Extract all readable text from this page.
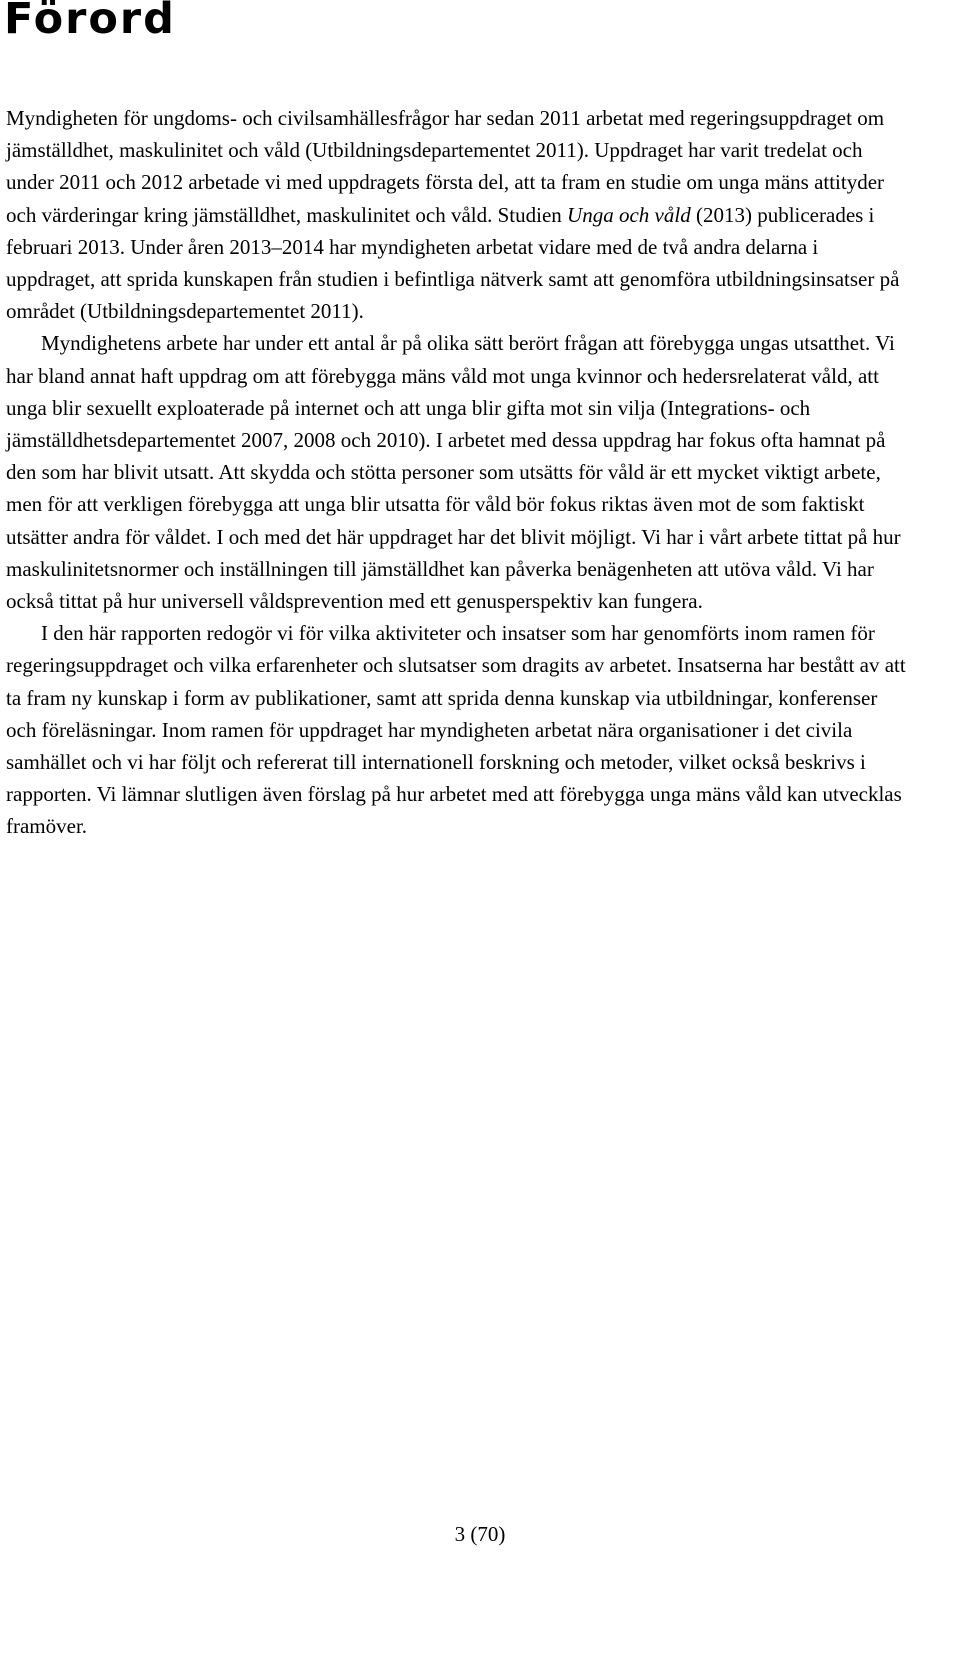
Förord

Myndigheten för ungdoms- och civilsamhällesfrågor har sedan 2011 arbetat med regeringsuppdraget om jämställdhet, maskulinitet och våld (Utbildningsdepartementet 2011). Uppdraget har varit tredelat och under 2011 och 2012 arbetade vi med uppdragets första del, att ta fram en studie om unga mäns attityder och värderingar kring jämställdhet, maskulinitet och våld. Studien Unga och våld (2013) publicerades i februari 2013. Under åren 2013–2014 har myndigheten arbetat vidare med de två andra delarna i uppdraget, att sprida kunskapen från studien i befintliga nätverk samt att genomföra utbildningsinsatser på området (Utbildningsdepartementet 2011).

Myndighetens arbete har under ett antal år på olika sätt berört frågan att förebygga ungas utsatthet. Vi har bland annat haft uppdrag om att förebygga mäns våld mot unga kvinnor och hedersrelaterat våld, att unga blir sexuellt exploaterade på internet och att unga blir gifta mot sin vilja (Integrations- och jämställdhetsdepartementet 2007, 2008 och 2010). I arbetet med dessa uppdrag har fokus ofta hamnat på den som har blivit utsatt. Att skydda och stötta personer som utsätts för våld är ett mycket viktigt arbete, men för att verkligen förebygga att unga blir utsatta för våld bör fokus riktas även mot de som faktiskt utsätter andra för våldet. I och med det här uppdraget har det blivit möjligt. Vi har i vårt arbete tittat på hur maskulinitetsnormer och inställningen till jämställdhet kan påverka benägenheten att utöva våld. Vi har också tittat på hur universell våldsprevention med ett genusperspektiv kan fungera.

I den här rapporten redogör vi för vilka aktiviteter och insatser som har genomförts inom ramen för regeringsuppdraget och vilka erfarenheter och slutsatser som dragits av arbetet. Insatserna har bestått av att ta fram ny kunskap i form av publikationer, samt att sprida denna kunskap via utbildningar, konferenser och föreläsningar. Inom ramen för uppdraget har myndigheten arbetat nära organisationer i det civila samhället och vi har följt och refererat till internationell forskning och metoder, vilket också beskrivs i rapporten. Vi lämnar slutligen även förslag på hur arbetet med att förebygga unga mäns våld kan utvecklas framöver.

3 (70)
